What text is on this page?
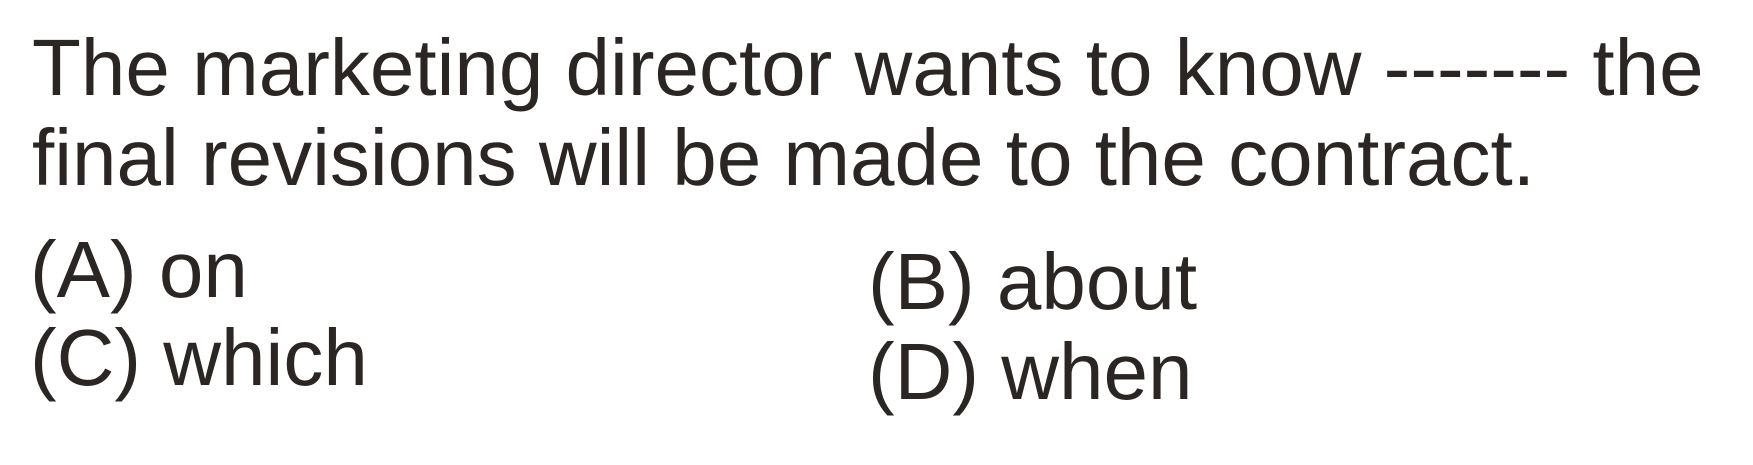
The marketing director wants to know ------- the
final revisions will be made to the contract.
(A) on	(B) about
(C) which	(D) when
